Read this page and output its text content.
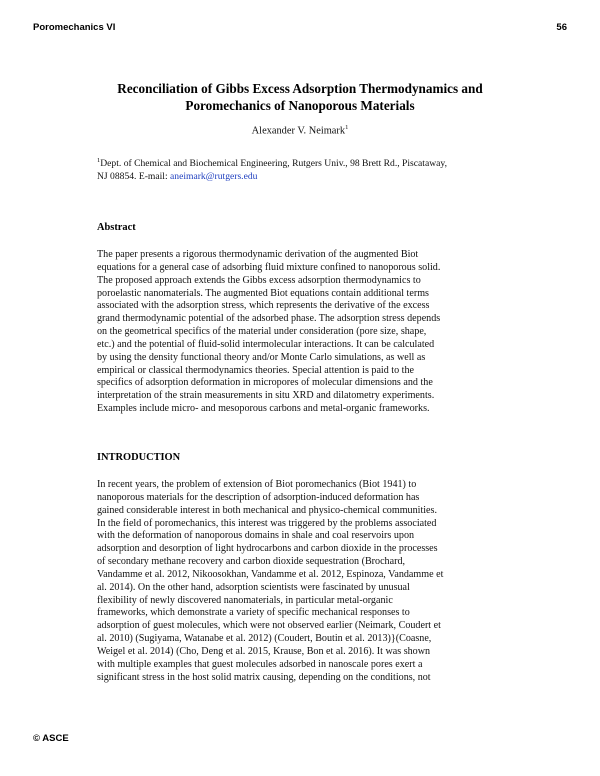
Poromechanics VI	56
Reconciliation of Gibbs Excess Adsorption Thermodynamics and
Poromechanics of Nanoporous Materials
Alexander V. Neimark$^1$
$^1$Dept. of Chemical and Biochemical Engineering, Rutgers Univ., 98 Brett Rd., Piscataway,
NJ 08854. E-mail: aneimark@rutgers.edu
Abstract
The paper presents a rigorous thermodynamic derivation of the augmented Biot
equations for a general case of adsorbing fluid mixture confined to nanoporous solid.
The proposed approach extends the Gibbs excess adsorption thermodynamics to
poroelastic nanomaterials. The augmented Biot equations contain additional terms
associated with the adsorption stress, which represents the derivative of the excess
grand thermodynamic potential of the adsorbed phase. The adsorption stress depends
on the geometrical specifics of the material under consideration (pore size, shape,
etc.) and the potential of fluid-solid intermolecular interactions. It can be calculated
by using the density functional theory and/or Monte Carlo simulations, as well as
empirical or classical thermodynamics theories. Special attention is paid to the
specifics of adsorption deformation in micropores of molecular dimensions and the
interpretation of the strain measurements in situ XRD and dilatometry experiments.
Examples include micro- and mesoporous carbons and metal-organic frameworks.
INTRODUCTION
In recent years, the problem of extension of Biot poromechanics (Biot 1941) to
nanoporous materials for the description of adsorption-induced deformation has
gained considerable interest in both mechanical and physico-chemical communities.
In the field of poromechanics, this interest was triggered by the problems associated
with the deformation of nanoporous domains in shale and coal reservoirs upon
adsorption and desorption of light hydrocarbons and carbon dioxide in the processes
of secondary methane recovery and carbon dioxide sequestration (Brochard,
Vandamme et al. 2012, Nikoosokhan, Vandamme et al. 2012, Espinoza, Vandamme et
al. 2014). On the other hand, adsorption scientists were fascinated by unusual
flexibility of newly discovered nanomaterials, in particular metal-organic
frameworks, which demonstrate a variety of specific mechanical responses to
adsorption of guest molecules, which were not observed earlier (Neimark, Coudert et
al. 2010) (Sugiyama, Watanabe et al. 2012) (Coudert, Boutin et al. 2013)}(Coasne,
Weigel et al. 2014) (Cho, Deng et al. 2015, Krause, Bon et al. 2016). It was shown
with multiple examples that guest molecules adsorbed in nanoscale pores exert a
significant stress in the host solid matrix causing, depending on the conditions, not
© ASCE
